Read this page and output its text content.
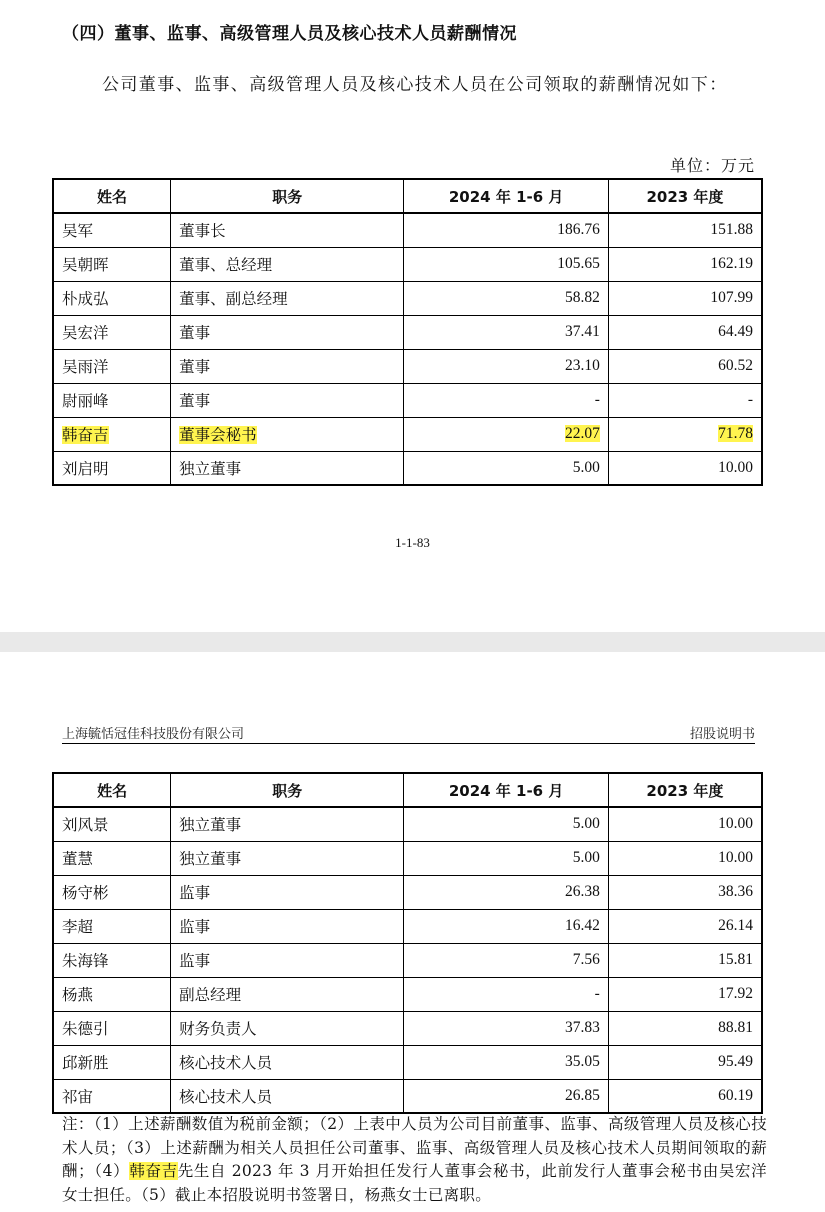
（四）董事、监事、高级管理人员及核心技术人员薪酬情况

公司董事、监事、高级管理人员及核心技术人员在公司领取的薪酬情况如下：

单位：万元
姓名	职务	2024 年 1-6 月	2023 年度
吴军	董事长	186.76	151.88
吴朝晖	董事、总经理	105.65	162.19
朴成弘	董事、副总经理	58.82	107.99
吴宏洋	董事	37.41	64.49
吴雨洋	董事	23.10	60.52
尉丽峰	董事	-	-
韩奋吉	董事会秘书	22.07	71.78
刘启明	独立董事	5.00	10.00
1-1-83
上海毓恬冠佳科技股份有限公司	招股说明书
姓名	职务	2024 年 1-6 月	2023 年度
刘风景	独立董事	5.00	10.00
董慧	独立董事	5.00	10.00
杨守彬	监事	26.38	38.36
李超	监事	16.42	26.14
朱海锋	监事	7.56	15.81
杨燕	副总经理	-	17.92
朱德引	财务负责人	37.83	88.81
邱新胜	核心技术人员	35.05	95.49
祁宙	核心技术人员	26.85	60.19

注：（1）上述薪酬数值为税前金额；（2）上表中人员为公司目前董事、监事、高级管理人员及核心技术人员；（3）上述薪酬为相关人员担任公司董事、监事、高级管理人员及核心技术人员期间领取的薪酬；（4）韩奋吉先生自 2023 年 3 月开始担任发行人董事会秘书，此前发行人董事会秘书由吴宏洋女士担任。（5）截止本招股说明书签署日，杨燕女士已离职。
